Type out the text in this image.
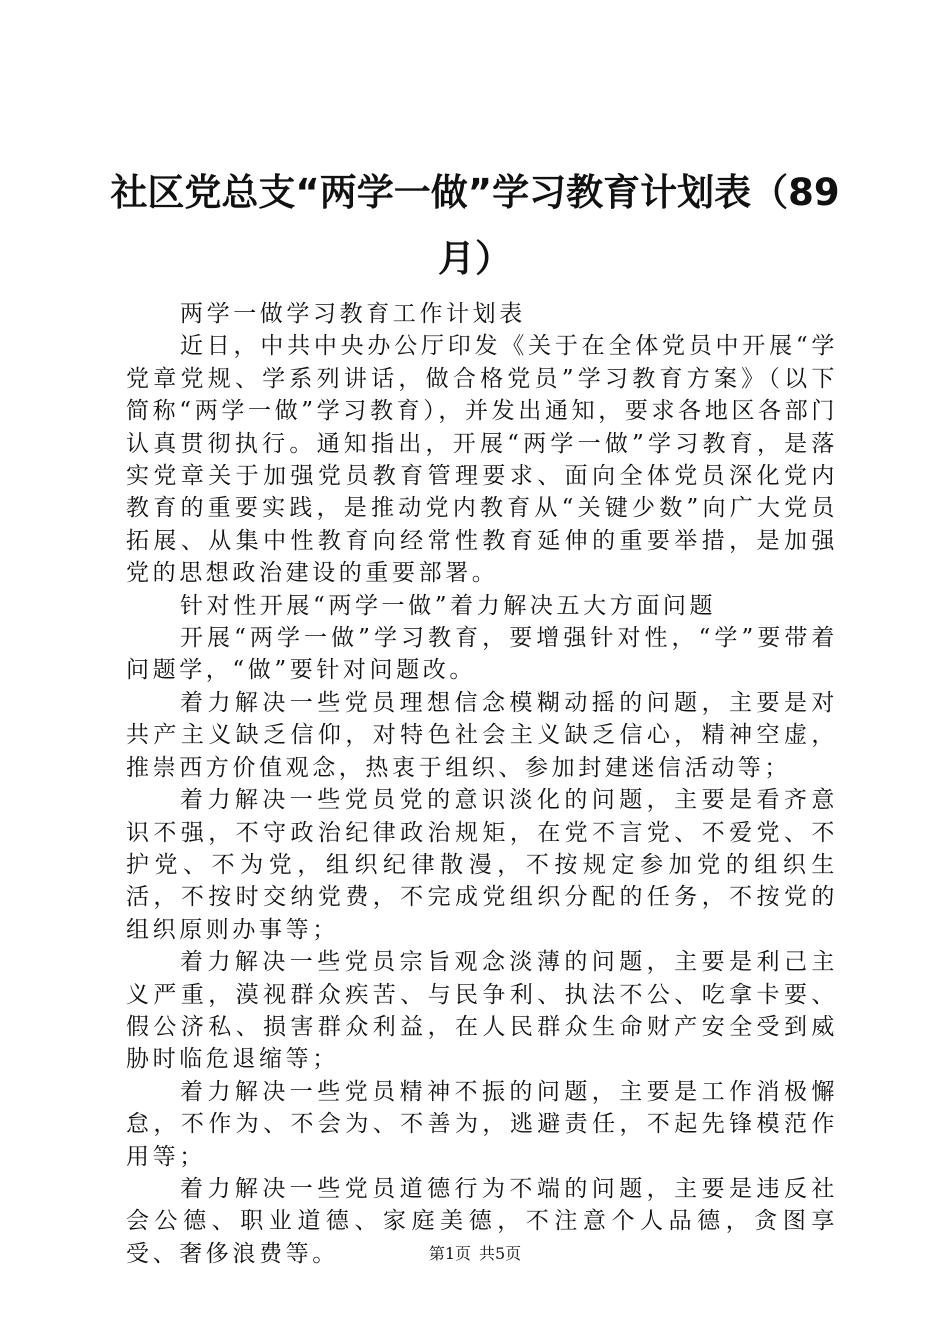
社区党总支“两学一做”学习教育计划表（89月）

两学一做学习教育工作计划表

近日，中共中央办公厅印发《关于在全体党员中开展“学党章党规、学系列讲话，做合格党员”学习教育方案》（以下简称“两学一做”学习教育），并发出通知，要求各地区各部门认真贯彻执行。通知指出，开展“两学一做”学习教育，是落实党章关于加强党员教育管理要求、面向全体党员深化党内教育的重要实践，是推动党内教育从“关键少数”向广大党员拓展、从集中性教育向经常性教育延伸的重要举措，是加强党的思想政治建设的重要部署。

针对性开展“两学一做”着力解决五大方面问题

开展“两学一做”学习教育，要增强针对性，“学”要带着问题学，“做”要针对问题改。

着力解决一些党员理想信念模糊动摇的问题，主要是对共产主义缺乏信仰，对特色社会主义缺乏信心，精神空虚，推崇西方价值观念，热衷于组织、参加封建迷信活动等；

着力解决一些党员党的意识淡化的问题，主要是看齐意识不强，不守政治纪律政治规矩，在党不言党、不爱党、不护党、不为党，组织纪律散漫，不按规定参加党的组织生活，不按时交纳党费，不完成党组织分配的任务，不按党的组织原则办事等；

着力解决一些党员宗旨观念淡薄的问题，主要是利己主义严重，漠视群众疾苦、与民争利、执法不公、吃拿卡要、假公济私、损害群众利益，在人民群众生命财产安全受到威胁时临危退缩等；

着力解决一些党员精神不振的问题，主要是工作消极懈怠，不作为、不会为、不善为，逃避责任，不起先锋模范作用等；

着力解决一些党员道德行为不端的问题，主要是违反社会公德、职业道德、家庭美德，不注意个人品德，贪图享受、奢侈浪费等。	第1页 共5页
